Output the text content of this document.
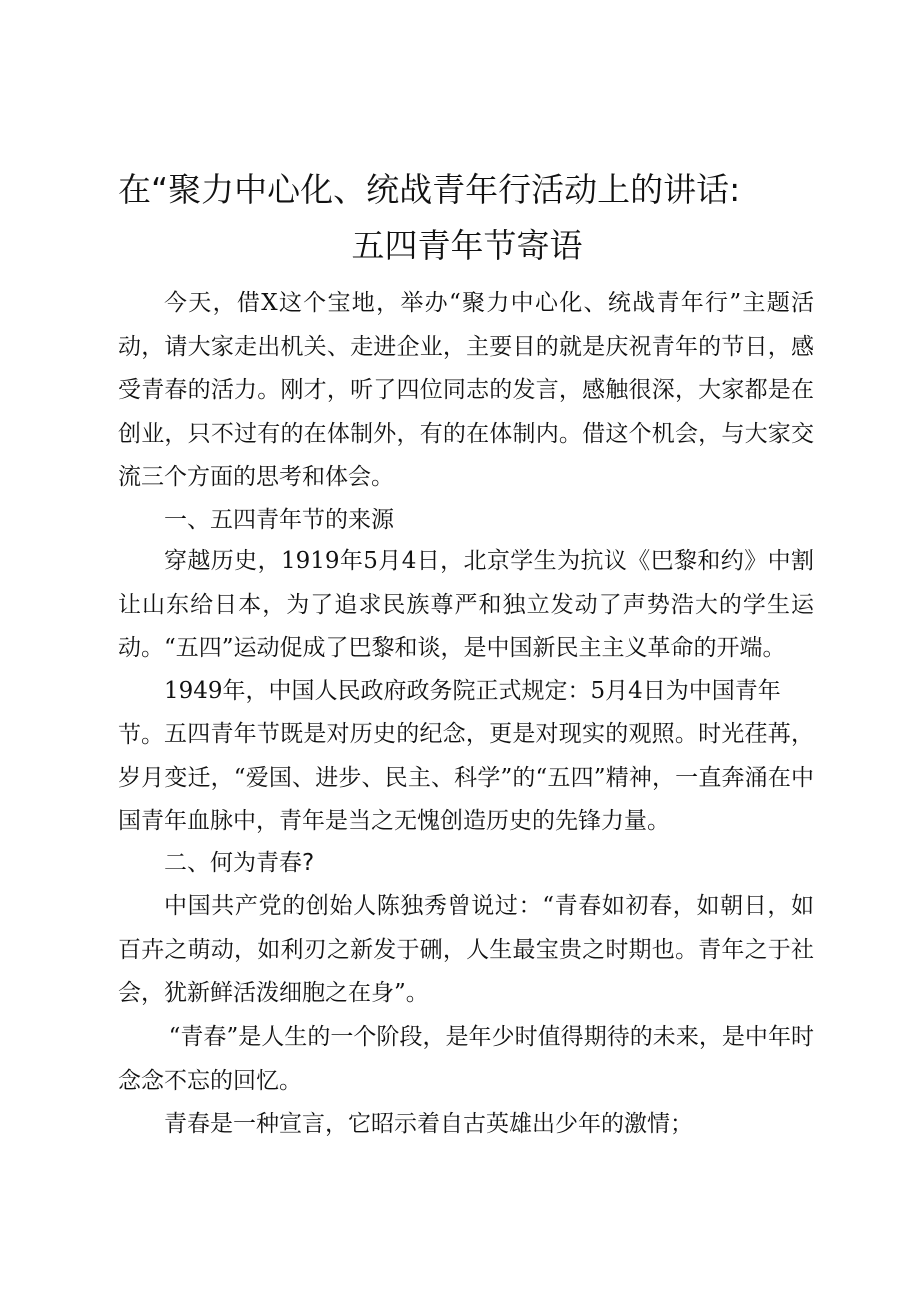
在“聚力中心化、统战青年行活动上的讲话:
五四青年节寄语

今天，借X这个宝地，举办“聚力中心化、统战青年行”主题活动，请大家走出机关、走进企业，主要目的就是庆祝青年的节日，感受青春的活力。刚才，听了四位同志的发言，感触很深，大家都是在创业，只不过有的在体制外，有的在体制内。借这个机会，与大家交流三个方面的思考和体会。

一、五四青年节的来源

穿越历史，1919年5月4日，北京学生为抗议《巴黎和约》中割让山东给日本，为了追求民族尊严和独立发动了声势浩大的学生运动。“五四”运动促成了巴黎和谈，是中国新民主主义革命的开端。

1949年，中国人民政府政务院正式规定：5月4日为中国青年节。 五四青年节既是对历史的纪念，更是对现实的观照。时光荏苒，岁月变迁，“爱国、进步、民主、科学”的“五四”精神，一直奔涌在中国青年血脉中，青年是当之无愧创造历史的先锋力量。

二、何为青春?

中国共产党的创始人陈独秀曾说过：“青春如初春，如朝日，如百卉之萌动，如利刃之新发于硎，人生最宝贵之时期也。青年之于社会，犹新鲜活泼细胞之在身”。

“青春”是人生的一个阶段，是年少时值得期待的未来，是中年时念念不忘的回忆。

青春是一种宣言，它昭示着自古英雄出少年的激情；
